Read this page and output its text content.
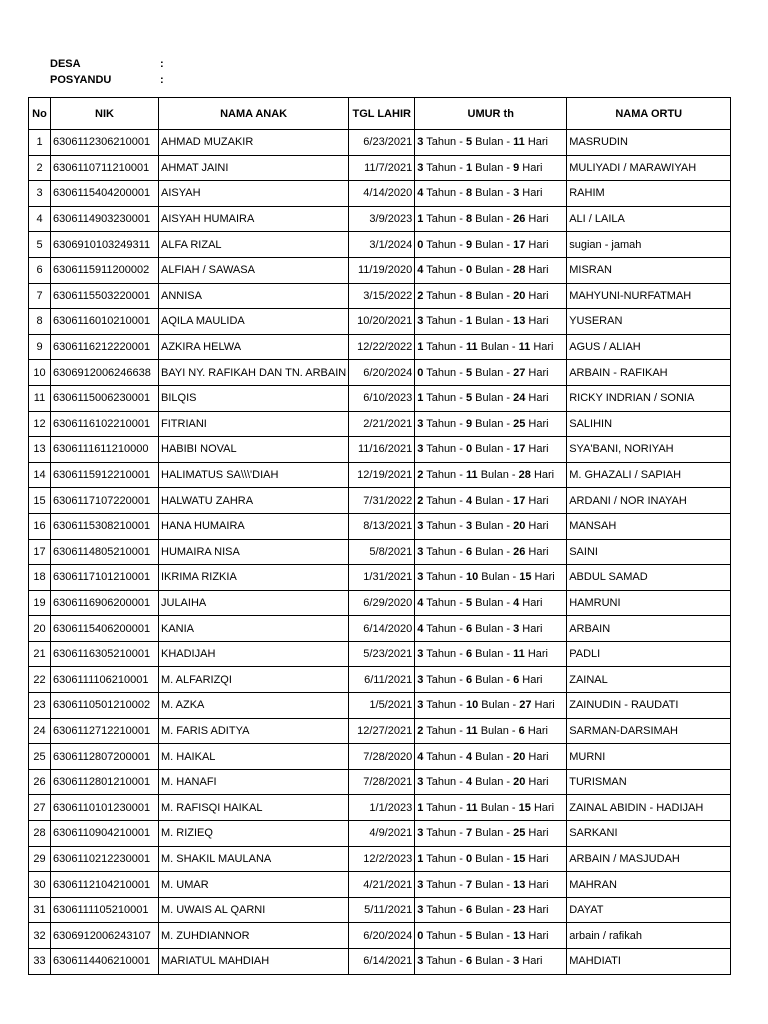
DESA	:
POSYANDU	:
No	NIK	NAMA ANAK	TGL LAHIR	UMUR th	NAMA ORTU
1	6306112306210001	AHMAD MUZAKIR	6/23/2021	3 Tahun - 5 Bulan - 11 Hari	MASRUDIN
2	6306110711210001	AHMAT JAINI	11/7/2021	3 Tahun - 1 Bulan - 9 Hari	MULIYADI / MARAWIYAH
3	6306115404200001	AISYAH	4/14/2020	4 Tahun - 8 Bulan - 3 Hari	RAHIM
4	6306114903230001	AISYAH HUMAIRA	3/9/2023	1 Tahun - 8 Bulan - 26 Hari	ALI / LAILA
5	6306910103249311	ALFA RIZAL	3/1/2024	0 Tahun - 9 Bulan - 17 Hari	sugian - jamah
6	6306115911200002	ALFIAH / SAWASA	11/19/2020	4 Tahun - 0 Bulan - 28 Hari	MISRAN
7	6306115503220001	ANNISA	3/15/2022	2 Tahun - 8 Bulan - 20 Hari	MAHYUNI-NURFATMAH
8	6306116010210001	AQILA MAULIDA	10/20/2021	3 Tahun - 1 Bulan - 13 Hari	YUSERAN
9	6306116212220001	AZKIRA HELWA	12/22/2022	1 Tahun - 11 Bulan - 11 Hari	AGUS / ALIAH
10	6306912006246638	BAYI NY. RAFIKAH DAN TN. ARBAIN	6/20/2024	0 Tahun - 5 Bulan - 27 Hari	ARBAIN - RAFIKAH
11	6306115006230001	BILQIS	6/10/2023	1 Tahun - 5 Bulan - 24 Hari	RICKY INDRIAN / SONIA
12	6306116102210001	FITRIANI	2/21/2021	3 Tahun - 9 Bulan - 25 Hari	SALIHIN
13	6306111611210000	HABIBI NOVAL	11/16/2021	3 Tahun - 0 Bulan - 17 Hari	SYA'BANI, NORIYAH
14	6306115912210001	HALIMATUS SA\\\'DIAH	12/19/2021	2 Tahun - 11 Bulan - 28 Hari	M. GHAZALI / SAPIAH
15	6306117107220001	HALWATU ZAHRA	7/31/2022	2 Tahun - 4 Bulan - 17 Hari	ARDANI / NOR INAYAH
16	6306115308210001	HANA HUMAIRA	8/13/2021	3 Tahun - 3 Bulan - 20 Hari	MANSAH
17	6306114805210001	HUMAIRA NISA	5/8/2021	3 Tahun - 6 Bulan - 26 Hari	SAINI
18	6306117101210001	IKRIMA RIZKIA	1/31/2021	3 Tahun - 10 Bulan - 15 Hari	ABDUL SAMAD
19	6306116906200001	JULAIHA	6/29/2020	4 Tahun - 5 Bulan - 4 Hari	HAMRUNI
20	6306115406200001	KANIA	6/14/2020	4 Tahun - 6 Bulan - 3 Hari	ARBAIN
21	6306116305210001	KHADIJAH	5/23/2021	3 Tahun - 6 Bulan - 11 Hari	PADLI
22	6306111106210001	M. ALFARIZQI	6/11/2021	3 Tahun - 6 Bulan - 6 Hari	ZAINAL
23	6306110501210002	M. AZKA	1/5/2021	3 Tahun - 10 Bulan - 27 Hari	ZAINUDIN - RAUDATI
24	6306112712210001	M. FARIS ADITYA	12/27/2021	2 Tahun - 11 Bulan - 6 Hari	SARMAN-DARSIMAH
25	6306112807200001	M. HAIKAL	7/28/2020	4 Tahun - 4 Bulan - 20 Hari	MURNI
26	6306112801210001	M. HANAFI	7/28/2021	3 Tahun - 4 Bulan - 20 Hari	TURISMAN
27	6306110101230001	M. RAFISQI HAIKAL	1/1/2023	1 Tahun - 11 Bulan - 15 Hari	ZAINAL ABIDIN - HADIJAH
28	6306110904210001	M. RIZIEQ	4/9/2021	3 Tahun - 7 Bulan - 25 Hari	SARKANI
29	6306110212230001	M. SHAKIL MAULANA	12/2/2023	1 Tahun - 0 Bulan - 15 Hari	ARBAIN / MASJUDAH
30	6306112104210001	M. UMAR	4/21/2021	3 Tahun - 7 Bulan - 13 Hari	MAHRAN
31	6306111105210001	M. UWAIS AL QARNI	5/11/2021	3 Tahun - 6 Bulan - 23 Hari	DAYAT
32	6306912006243107	M. ZUHDIANNOR	6/20/2024	0 Tahun - 5 Bulan - 13 Hari	arbain / rafikah
33	6306114406210001	MARIATUL MAHDIAH	6/14/2021	3 Tahun - 6 Bulan - 3 Hari	MAHDIATI
